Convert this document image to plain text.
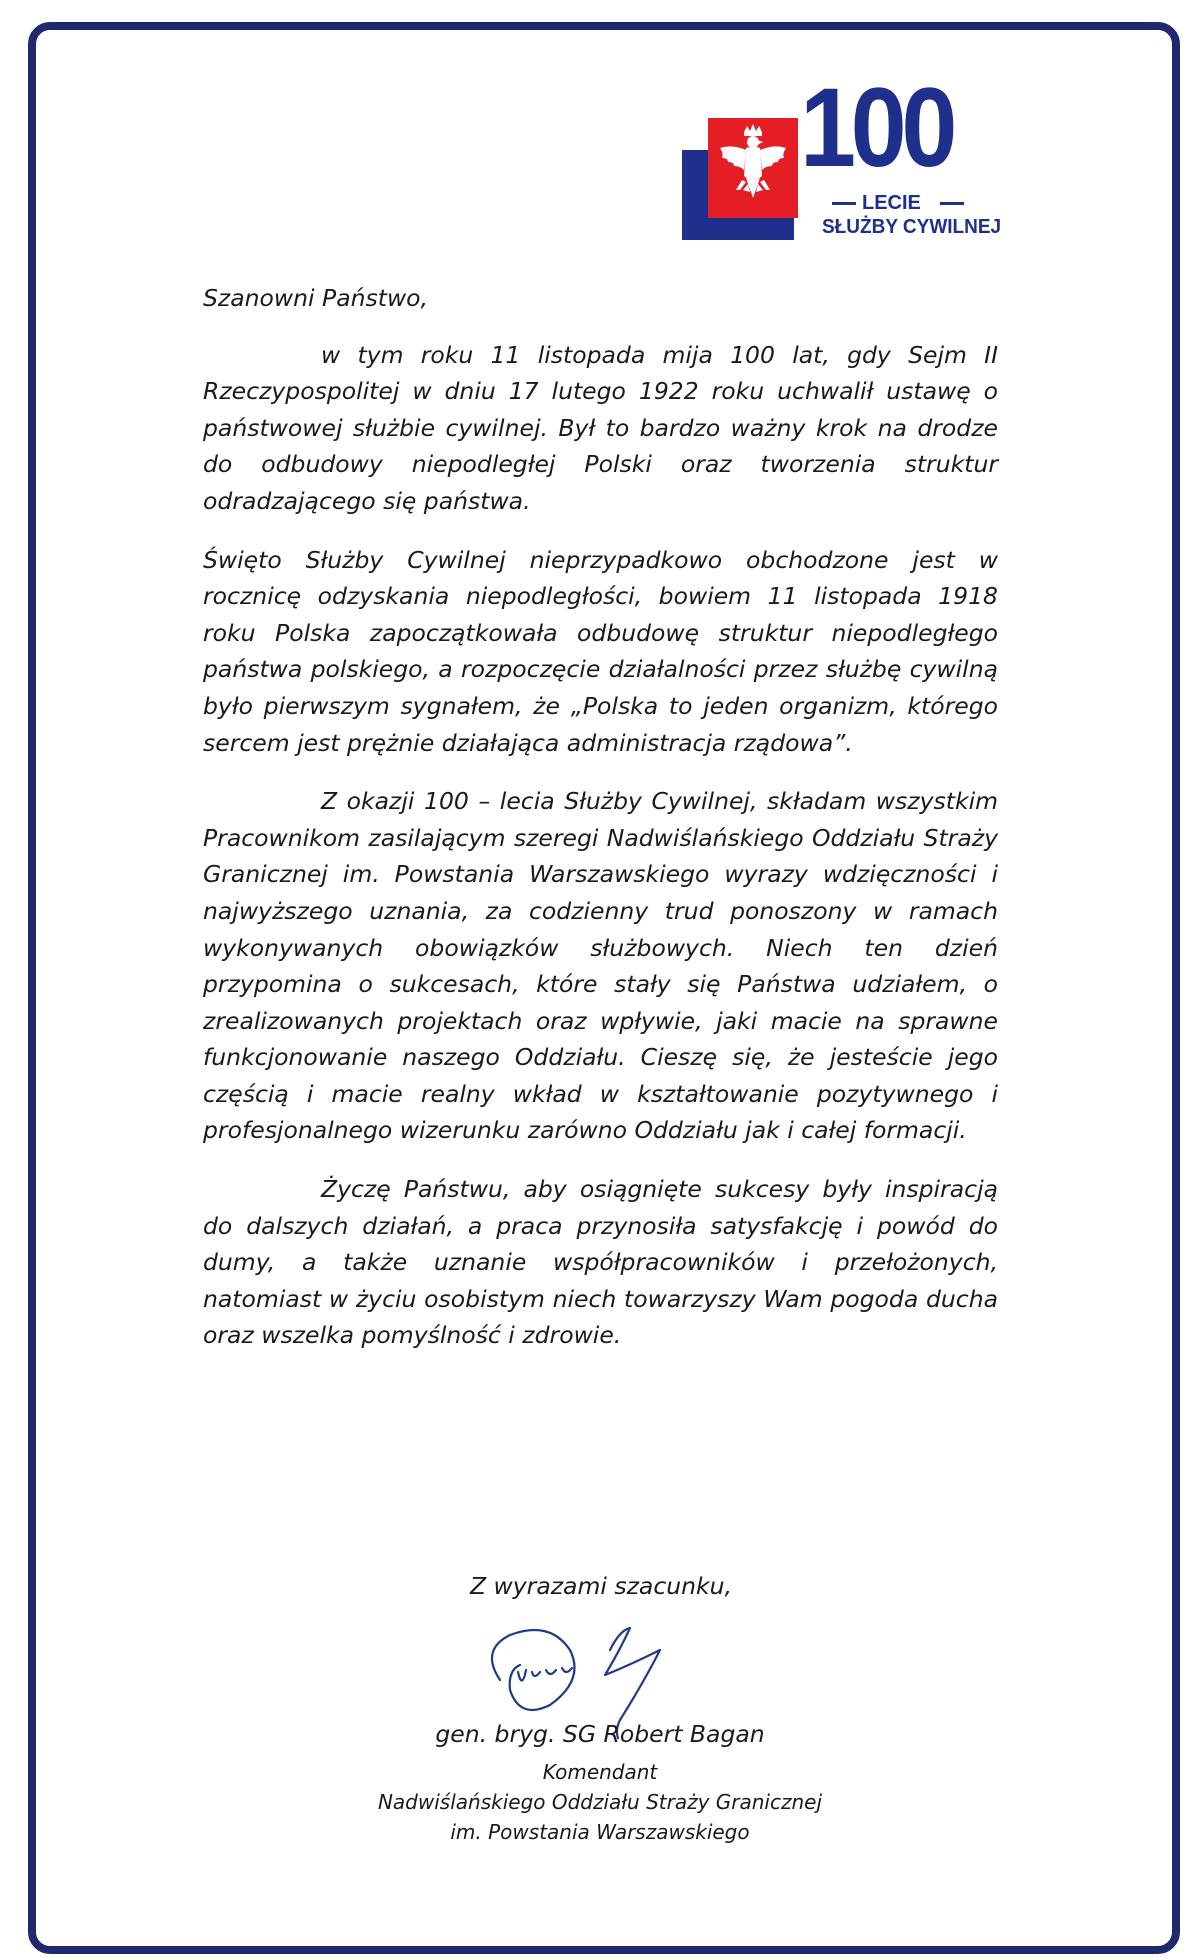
100
LECIE
SŁUŻBY CYWILNEJ

Szanowni Państwo,

w tym roku 11 listopada mija 100 lat, gdy Sejm II Rzeczypospolitej w dniu 17 lutego 1922 roku uchwalił ustawę o państwowej służbie cywilnej. Był to bardzo ważny krok na drodze do odbudowy niepodległej Polski oraz tworzenia struktur odradzającego się państwa.

Święto Służby Cywilnej nieprzypadkowo obchodzone jest w rocznicę odzyskania niepodległości, bowiem 11 listopada 1918 roku Polska zapoczątkowała odbudowę struktur niepodległego państwa polskiego, a rozpoczęcie działalności przez służbę cywilną było pierwszym sygnałem, że „Polska to jeden organizm, którego sercem jest prężnie działająca administracja rządowa”.

Z okazji 100 – lecia Służby Cywilnej, składam wszystkim Pracownikom zasilającym szeregi Nadwiślańskiego Oddziału Straży Granicznej im. Powstania Warszawskiego wyrazy wdzięczności i najwyższego uznania, za codzienny trud ponoszony w ramach wykonywanych obowiązków służbowych. Niech ten dzień przypomina o sukcesach, które stały się Państwa udziałem, o zrealizowanych projektach oraz wpływie, jaki macie na sprawne funkcjonowanie naszego Oddziału. Cieszę się, że jesteście jego częścią i macie realny wkład w kształtowanie pozytywnego i profesjonalnego wizerunku zarówno Oddziału jak i całej formacji.

Życzę Państwu, aby osiągnięte sukcesy były inspiracją do dalszych działań, a praca przynosiła satysfakcję i powód do dumy, a także uznanie współpracowników i przełożonych, natomiast w życiu osobistym niech towarzyszy Wam pogoda ducha oraz wszelka pomyślność i zdrowie.

Z wyrazami szacunku,
gen. bryg. SG Robert Bagan
Komendant
Nadwiślańskiego Oddziału Straży Granicznej
im. Powstania Warszawskiego
